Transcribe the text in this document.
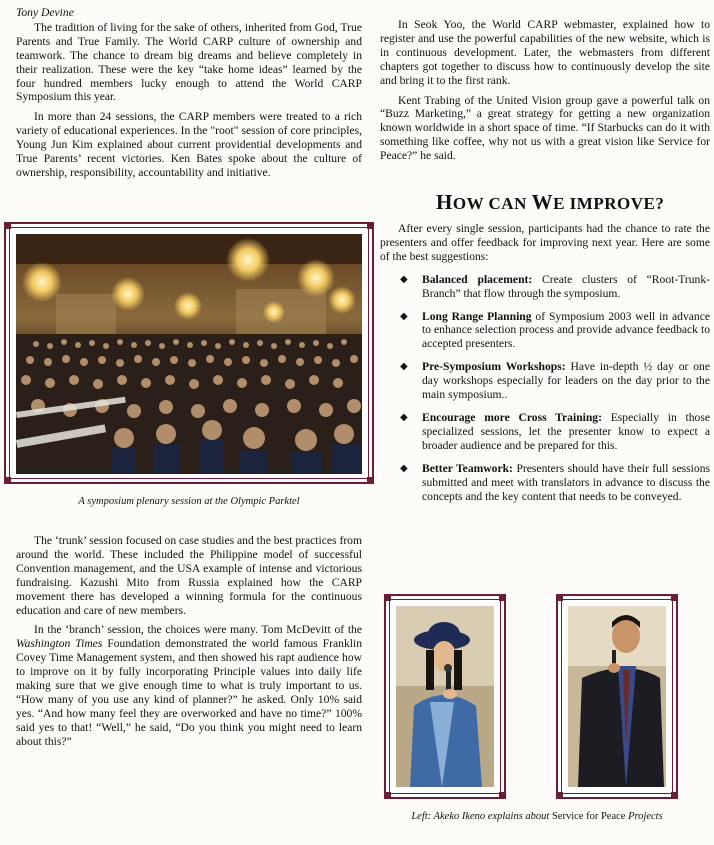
Tony Devine

The tradition of living for the sake of others, inherited from God, True Parents and True Family. The World CARP culture of ownership and teamwork. The chance to dream big dreams and believe completely in their realization. These were the key “take home ideas” learned by the four hundred members lucky enough to attend the World CARP Symposium this year.

In more than 24 sessions, the CARP members were treated to a rich variety of educational experiences. In the "root" session of core principles, Young Jun Kim explained about current providential developments and True Parents’ recent victories. Ken Bates spoke about the culture of ownership, responsibility, accountability and initiative.

A symposium plenary session at the Olympic Parktel

The ‘trunk’ session focused on case studies and the best practices from around the world. These included the Philippine model of successful Convention management, and the USA example of intense and victorious fundraising. Kazushi Mito from Russia explained how the CARP movement there has developed a winning formula for the continuous education and care of new members.

In the ‘branch’ session, the choices were many. Tom McDevitt of the Washington Times Foundation demonstrated the world famous Franklin Covey Time Management system, and then showed his rapt audience how to improve on it by fully incorporating Principle values into daily life making sure that we give enough time to what is truly important to us. “How many of you use any kind of planner?” he asked. Only 10% said yes. “And how many feel they are overworked and have no time?” 100% said yes to that! “Well,” he said, “Do you think you might need to learn about this?”

In Seok Yoo, the World CARP webmaster, explained how to register and use the powerful capabilities of the new website, which is in continuous development. Later, the webmasters from different chapters got together to discuss how to continuously develop the site and bring it to the first rank.

Kent Trabing of the United Vision group gave a powerful talk on “Buzz Marketing,” a great strategy for getting a new organization known worldwide in a short space of time. “If Starbucks can do it with something like coffee, why not us with a great vision like Service for Peace?” he said.

HOW CAN WE IMPROVE?

After every single session, participants had the chance to rate the presenters and offer feedback for improving next year. Here are some of the best suggestions:

◆ Balanced placement: Create clusters of “Root-Trunk-Branch” that flow through the symposium.
◆ Long Range Planning of Symposium 2003 well in advance to enhance selection process and provide advance feedback to accepted presenters.
◆ Pre-Symposium Workshops: Have in-depth ½ day or one day workshops especially for leaders on the day prior to the main symposium..
◆ Encourage more Cross Training: Especially in those specialized sessions, let the presenter know to expect a broader audience and be prepared for this.
◆ Better Teamwork: Presenters should have their full sessions submitted and meet with translators in advance to discuss the concepts and the key content that needs to be conveyed.
Left: Akeko Ikeno explains about Service for Peace Projects
